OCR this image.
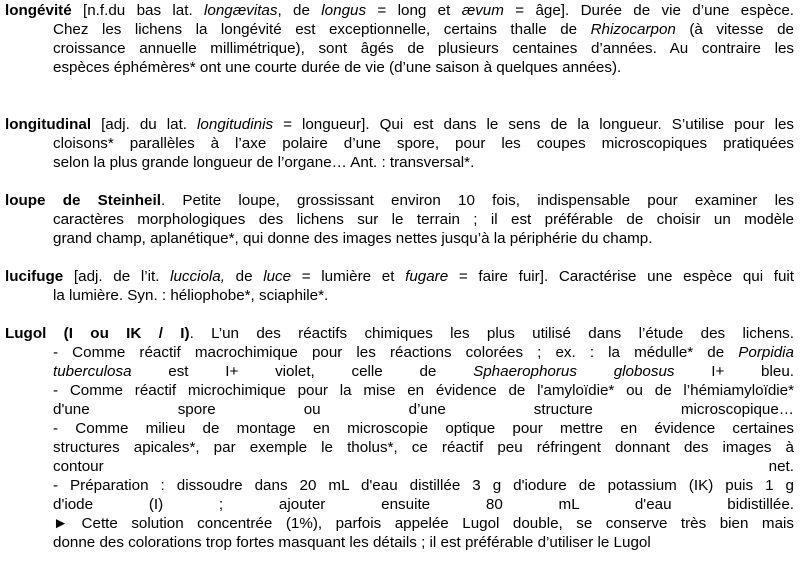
longévité [n.f.du bas lat. longævitas, de longus = long et ævum = âge]. Durée de vie d’une espèce.
Chez les lichens la longévité est exceptionnelle, certains thalle de Rhizocarpon (à vitesse de
croissance annuelle millimétrique), sont âgés de plusieurs centaines d’années. Au contraire les
espèces éphémères* ont une courte durée de vie (d’une saison à quelques années).
longitudinal [adj. du lat. longitudinis = longueur]. Qui est dans le sens de la longueur. S’utilise pour les
cloisons* parallèles à l’axe polaire d’une spore, pour les coupes microscopiques pratiquées
selon la plus grande longueur de l’organe… Ant. : transversal*.
loupe de Steinheil. Petite loupe, grossissant environ 10 fois, indispensable pour examiner les
caractères morphologiques des lichens sur le terrain ; il est préférable de choisir un modèle
grand champ, aplanétique*, qui donne des images nettes jusqu’à la périphérie du champ.
lucifuge [adj. de l’it. lucciola, de luce = lumière et fugare = faire fuir]. Caractérise une espèce qui fuit
la lumière. Syn. : héliophobe*, sciaphile*.
Lugol (I ou IK / I). L’un des réactifs chimiques les plus utilisé dans l’étude des lichens.
- Comme réactif macrochimique pour les réactions colorées ; ex. : la médulle* de Porpidia
tuberculosa est I+ violet, celle de Sphaerophorus globosus I+ bleu.
- Comme réactif microchimique pour la mise en évidence de l'amyloïdie* ou de l’hémiamyloïdie*
d'une spore ou d’une structure microscopique…
- Comme milieu de montage en microscopie optique pour mettre en évidence certaines
structures apicales*, par exemple le tholus*, ce réactif peu réfringent donnant des images à
contour net.
- Préparation : dissoudre dans 20 mL d'eau distillée 3 g d'iodure de potassium (IK) puis 1 g
d'iode (I) ; ajouter ensuite 80 mL d'eau bidistillée.
► Cette solution concentrée (1%), parfois appelée Lugol double, se conserve très bien mais
donne des colorations trop fortes masquant les détails ; il est préférable d’utiliser le Lugol
